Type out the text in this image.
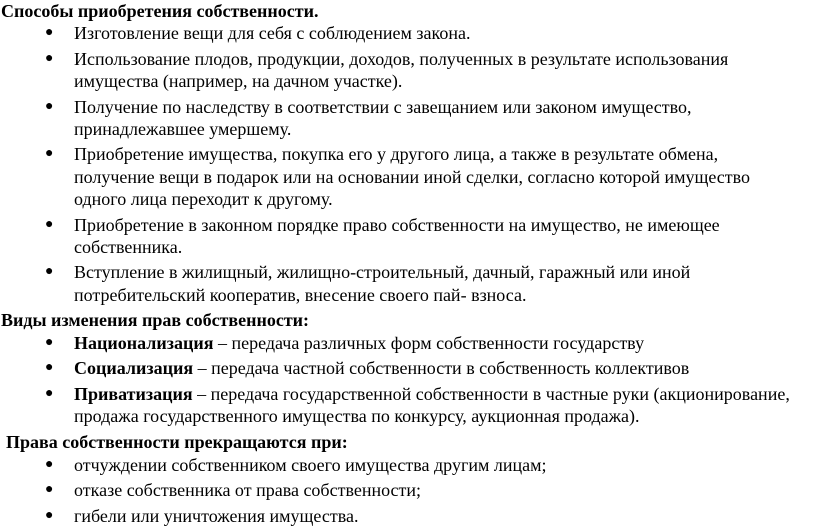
Способы приобретения собственности.

● Изготовление вещи для себя с соблюдением закона.
● Использование плодов, продукции, доходов, полученных в результате использования имущества (например, на дачном участке).
● Получение по наследству в соответствии с завещанием или законом имущество, принадлежавшее умершему.
● Приобретение имущества, покупка его у другого лица, а также в результате обмена, получение вещи в подарок или на основании иной сделки, согласно которой имущество одного лица переходит к другому.
● Приобретение в законном порядке право собственности на имущество, не имеющее собственника.
● Вступление в жилищный, жилищно-строительный, дачный, гаражный или иной потребительский кооператив, внесение своего пай- взноса.

Виды изменения прав собственности:

● Национализация – передача различных форм собственности государству
● Социализация – передача частной собственности в собственность коллективов
● Приватизация – передача государственной собственности в частные руки (акционирование, продажа государственного имущества по конкурсу, аукционная продажа).

Права собственности прекращаются при:

● отчуждении собственником своего имущества другим лицам;
● отказе собственника от права собственности;
● гибели или уничтожения имущества.
